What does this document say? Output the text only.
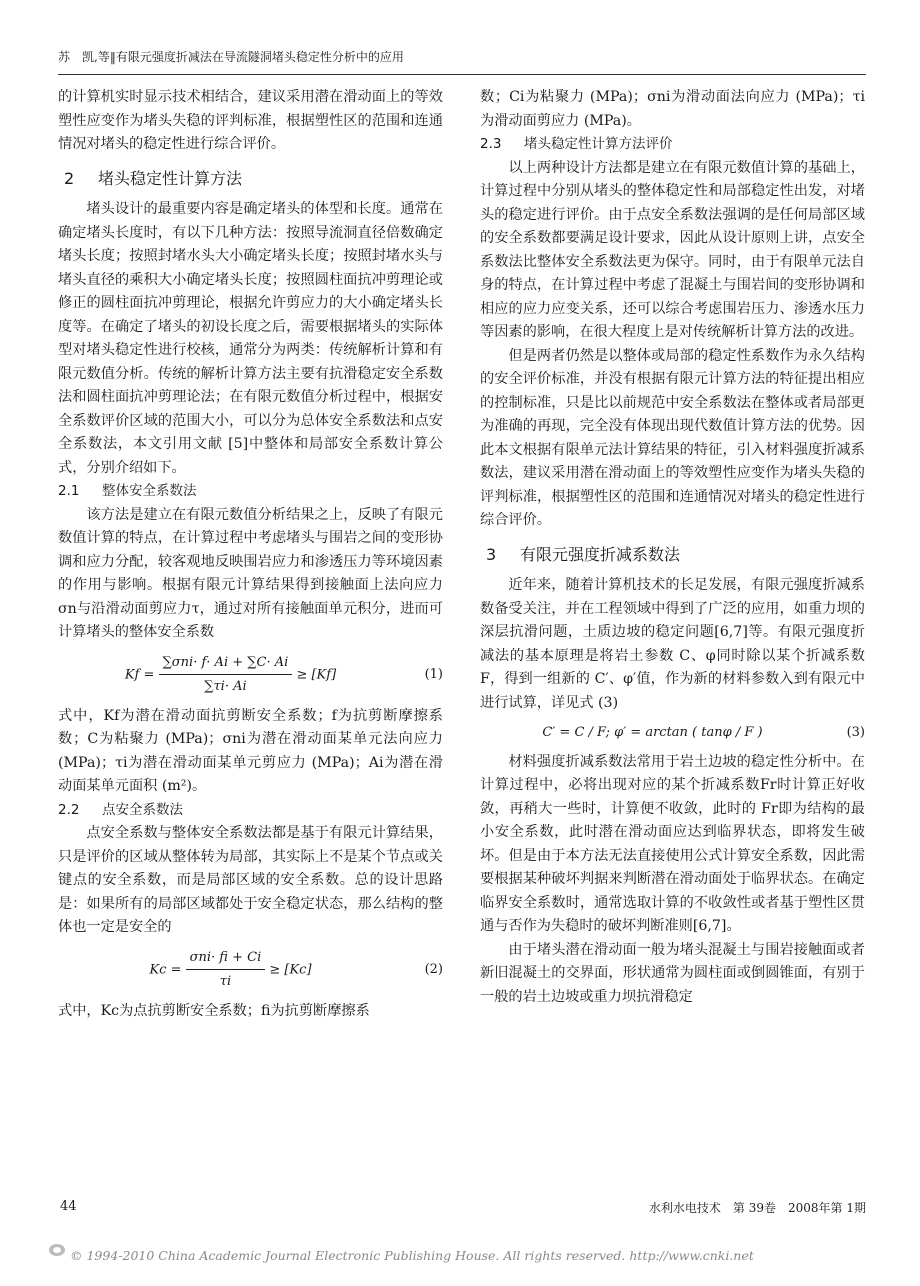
苏　凯,等‖有限元强度折减法在导流隧洞堵头稳定性分析中的应用

的计算机实时显示技术相结合，建议采用潜在滑动面上的等效塑性应变作为堵头失稳的评判标准，根据塑性区的范围和连通情况对堵头的稳定性进行综合评价。

2 堵头稳定性计算方法

堵头设计的最重要内容是确定堵头的体型和长度。通常在确定堵头长度时，有以下几种方法：按照导流洞直径倍数确定堵头长度；按照封堵水头大小确定堵头长度；按照封堵水头与堵头直径的乘积大小确定堵头长度；按照圆柱面抗冲剪理论或修正的圆柱面抗冲剪理论，根据允许剪应力的大小确定堵头长度等。在确定了堵头的初设长度之后，需要根据堵头的实际体型对堵头稳定性进行校核，通常分为两类：传统解析计算和有限元数值分析。传统的解析计算方法主要有抗滑稳定安全系数法和圆柱面抗冲剪理论法；在有限元数值分析过程中，根据安全系数评价区域的范围大小，可以分为总体安全系数法和点安全系数法，本文引用文献 [5]中整体和局部安全系数计算公式，分别介绍如下。

2.1 整体安全系数法

该方法是建立在有限元数值分析结果之上，反映了有限元数值计算的特点，在计算过程中考虑堵头与围岩之间的变形协调和应力分配，较客观地反映围岩应力和渗透压力等环境因素的作用与影响。根据有限元计算结果得到接触面上法向应力σn与沿滑动面剪应力τ，通过对所有接触面单元积分，进而可计算堵头的整体安全系数

$Kf = \frac{\text{∑σni· f· Ai + ∑C· Ai}}{\sum\tau i\cdot Ai} \ge [Kf]$	(1)

式中，Kf为潜在滑动面抗剪断安全系数；f为抗剪断摩擦系数；C为粘聚力 (MPa)；σni为潜在滑动面某单元法向应力 (MPa)；τi为潜在滑动面某单元剪应力 (MPa)；Ai为潜在滑动面某单元面积 (m²)。

2.2 点安全系数法

点安全系数与整体安全系数法都是基于有限元计算结果，只是评价的区域从整体转为局部，其实际上不是某个节点或关键点的安全系数，而是局部区域的安全系数。总的设计思路是：如果所有的局部区域都处于安全稳定状态，那么结构的整体也一定是安全的

$Kc = \frac{\text{σni· fi + Ci}}{\tau i} \ge [Kc]$	(2)

式中，Kc为点抗剪断安全系数；fi为抗剪断摩擦系

数；Ci为粘聚力 (MPa)；σni为滑动面法向应力 (MPa)；τi为滑动面剪应力 (MPa)。

2.3 堵头稳定性计算方法评价

以上两种设计方法都是建立在有限元数值计算的基础上，计算过程中分别从堵头的整体稳定性和局部稳定性出发，对堵头的稳定进行评价。由于点安全系数法强调的是任何局部区域的安全系数都要满足设计要求，因此从设计原则上讲，点安全系数法比整体安全系数法更为保守。同时，由于有限单元法自身的特点，在计算过程中考虑了混凝土与围岩间的变形协调和相应的应力应变关系，还可以综合考虑围岩压力、渗透水压力等因素的影响，在很大程度上是对传统解析计算方法的改进。

但是两者仍然是以整体或局部的稳定性系数作为永久结构的安全评价标准，并没有根据有限元计算方法的特征提出相应的控制标准，只是比以前规范中安全系数法在整体或者局部更为准确的再现，完全没有体现出现代数值计算方法的优势。因此本文根据有限单元法计算结果的特征，引入材料强度折减系数法，建议采用潜在滑动面上的等效塑性应变作为堵头失稳的评判标准，根据塑性区的范围和连通情况对堵头的稳定性进行综合评价。

3 有限元强度折减系数法

近年来，随着计算机技术的长足发展，有限元强度折减系数备受关注，并在工程领域中得到了广泛的应用，如重力坝的深层抗滑问题，土质边坡的稳定问题[6,7]等。有限元强度折减法的基本原理是将岩土参数 C、φ同时除以某个折减系数 F，得到一组新的 C′、φ′值，作为新的材料参数入到有限元中进行试算，详见式 (3)

C′ = C / F; φ′ = arctan ( tanφ / F )	(3)

材料强度折减系数法常用于岩土边坡的稳定性分析中。在计算过程中，必将出现对应的某个折减系数Fr时计算正好收敛，再稍大一些时，计算便不收敛，此时的 Fr即为结构的最小安全系数，此时潜在滑动面应达到临界状态，即将发生破坏。但是由于本方法无法直接使用公式计算安全系数，因此需要根据某种破坏判据来判断潜在滑动面处于临界状态。在确定临界安全系数时，通常选取计算的不收敛性或者基于塑性区贯通与否作为失稳时的破坏判断准则[6,7]。

由于堵头潜在滑动面一般为堵头混凝土与围岩接触面或者新旧混凝土的交界面，形状通常为圆柱面或倒圆锥面，有别于一般的岩土边坡或重力坝抗滑稳定

44	水利水电技术　第 39卷　2008年第 1期
© 1994-2010 China Academic Journal Electronic Publishing House. All rights reserved. http://www.cnki.net
